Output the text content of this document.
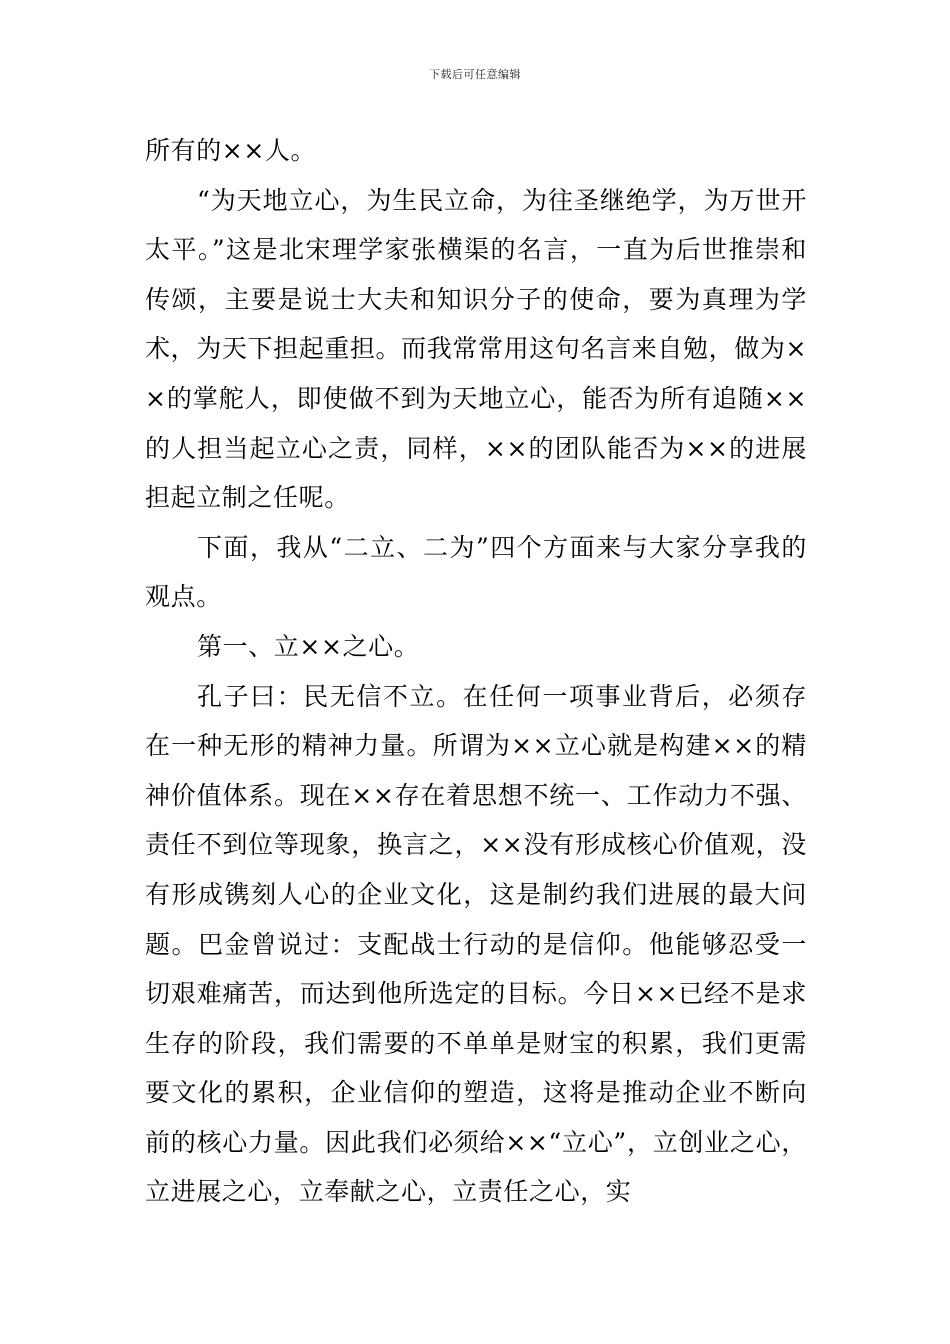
下载后可任意编辑

所有的××人。

“为天地立心，为生民立命，为往圣继绝学，为万世开太平。”这是北宋理学家张横渠的名言，一直为后世推崇和传颂，主要是说士大夫和知识分子的使命，要为真理为学术，为天下担起重担。而我常常用这句名言来自勉，做为××的掌舵人，即使做不到为天地立心，能否为所有追随××的人担当起立心之责，同样，××的团队能否为××的进展担起立制之任呢。

下面，我从“二立、二为”四个方面来与大家分享我的观点。

第一、立××之心。

孔子曰：民无信不立。在任何一项事业背后，必须存在一种无形的精神力量。所谓为××立心就是构建××的精神价值体系。现在××存在着思想不统一、工作动力不强、责任不到位等现象，换言之，××没有形成核心价值观，没有形成镌刻人心的企业文化，这是制约我们进展的最大问题。巴金曾说过：支配战士行动的是信仰。他能够忍受一切艰难痛苦，而达到他所选定的目标。今日××已经不是求生存的阶段，我们需要的不单单是财宝的积累，我们更需要文化的累积，企业信仰的塑造，这将是推动企业不断向前的核心力量。因此我们必须给××“立心”，立创业之心，立进展之心，立奉献之心，立责任之心，实
